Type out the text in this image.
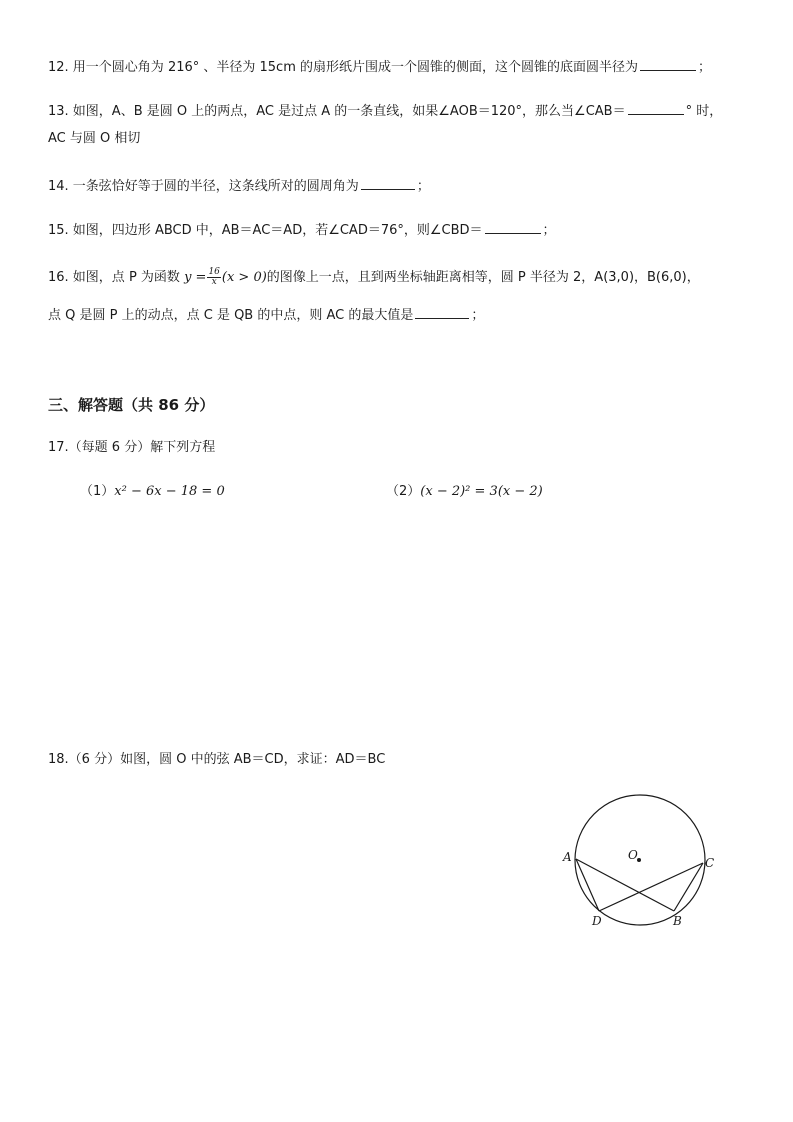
12. 用一个圆心角为 216° 、半径为 15cm 的扇形纸片围成一个圆锥的侧面，这个圆锥的底面圆半径为	；
13. 如图，A、B 是圆 O 上的两点，AC 是过点 A 的一条直线，如果∠AOB＝120°，那么当∠CAB＝	° 时，
AC 与圆 O 相切
14. 一条弦恰好等于圆的半径，这条线所对的圆周角为	；
15. 如图，四边形 ABCD 中，AB＝AC＝AD，若∠CAD＝76°，则∠CBD＝	；
16. 如图，点 P 为函数 $y = \frac{16}{x} (x > 0)$的图像上一点，且到两坐标轴距离相等，圆 P 半径为 2，A(3,0)，B(6,0)，
点 Q 是圆 P 上的动点，点 C 是 QB 的中点，则 AC 的最大值是	；
三、解答题（共 86 分）
17.（每题 6 分）解下列方程
（1）x² − 6x − 18 = 0	（2）(x − 2)² = 3(x − 2)
18.（6 分）如图，圆 O 中的弦 AB＝CD，求证：AD＝BC
O
A	C
D	B
